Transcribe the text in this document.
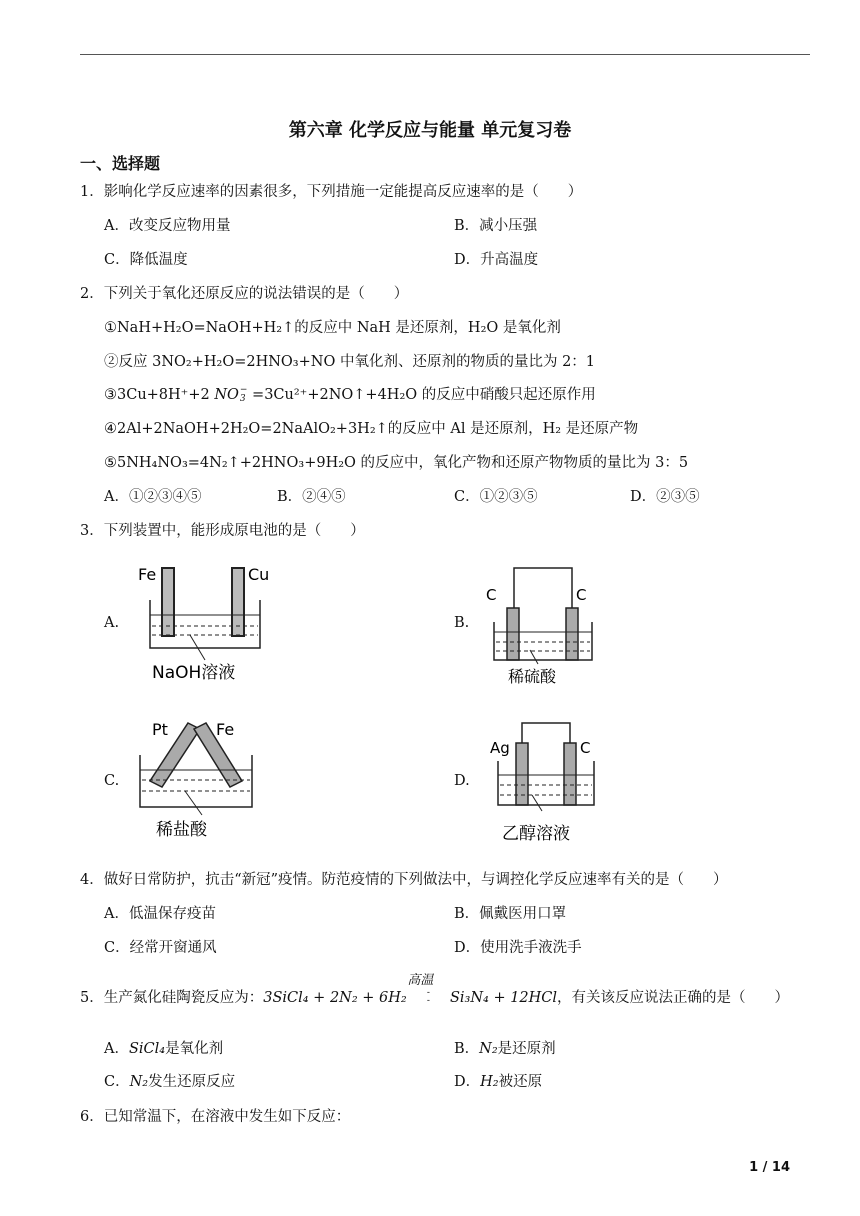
第六章 化学反应与能量 单元复习卷
一、选择题
1．影响化学反应速率的因素很多，下列措施一定能提高反应速率的是（　　）
A．改变反应物用量	B．减小压强
C．降低温度	D．升高温度
2．下列关于氧化还原反应的说法错误的是（　　）
①NaH+H₂O=NaOH+H₂↑的反应中 NaH 是还原剂，H₂O 是氧化剂
②反应 3NO₂+H₂O=2HNO₃+NO 中氧化剂、还原剂的物质的量比为 2：1
③3Cu+8H⁺+2 NO−
3 =3Cu²⁺+2NO↑+4H₂O 的反应中硝酸只起还原作用
④2Al+2NaOH+2H₂O=2NaAlO₂+3H₂↑的反应中 Al 是还原剂，H₂ 是还原产物
⑤5NH₄NO₃=4N₂↑+2HNO₃+9H₂O 的反应中，氧化产物和还原产物物质的量比为 3：5
A．①②③④⑤	B．②④⑤	C．①②③⑤	D．②③⑤
3．下列装置中，能形成原电池的是（　　）
A.	B.
C.	D.
Fe	Cu
NaOH溶液
C	C
稀硫酸
Pt	Fe
稀盐酸
Ag	C
乙醇溶液
4．做好日常防护，抗击“新冠”疫情。防范疫情的下列做法中，与调控化学反应速率有关的是（　　）
A．低温保存疫苗	B．佩戴医用口罩
C．经常开窗通风	D．使用洗手液洗手
5．生产氮化硅陶瓷反应为：3SiCl₄ + 2N₂ + 6H₂
高温
-
- Si₃N₄ + 12HCl，有关该反应说法正确的是（　　）
A．SiCl₄是氧化剂	B．N₂是还原剂
C．N₂发生还原反应	D．H₂被还原
6．已知常温下，在溶液中发生如下反应：
1 / 14
